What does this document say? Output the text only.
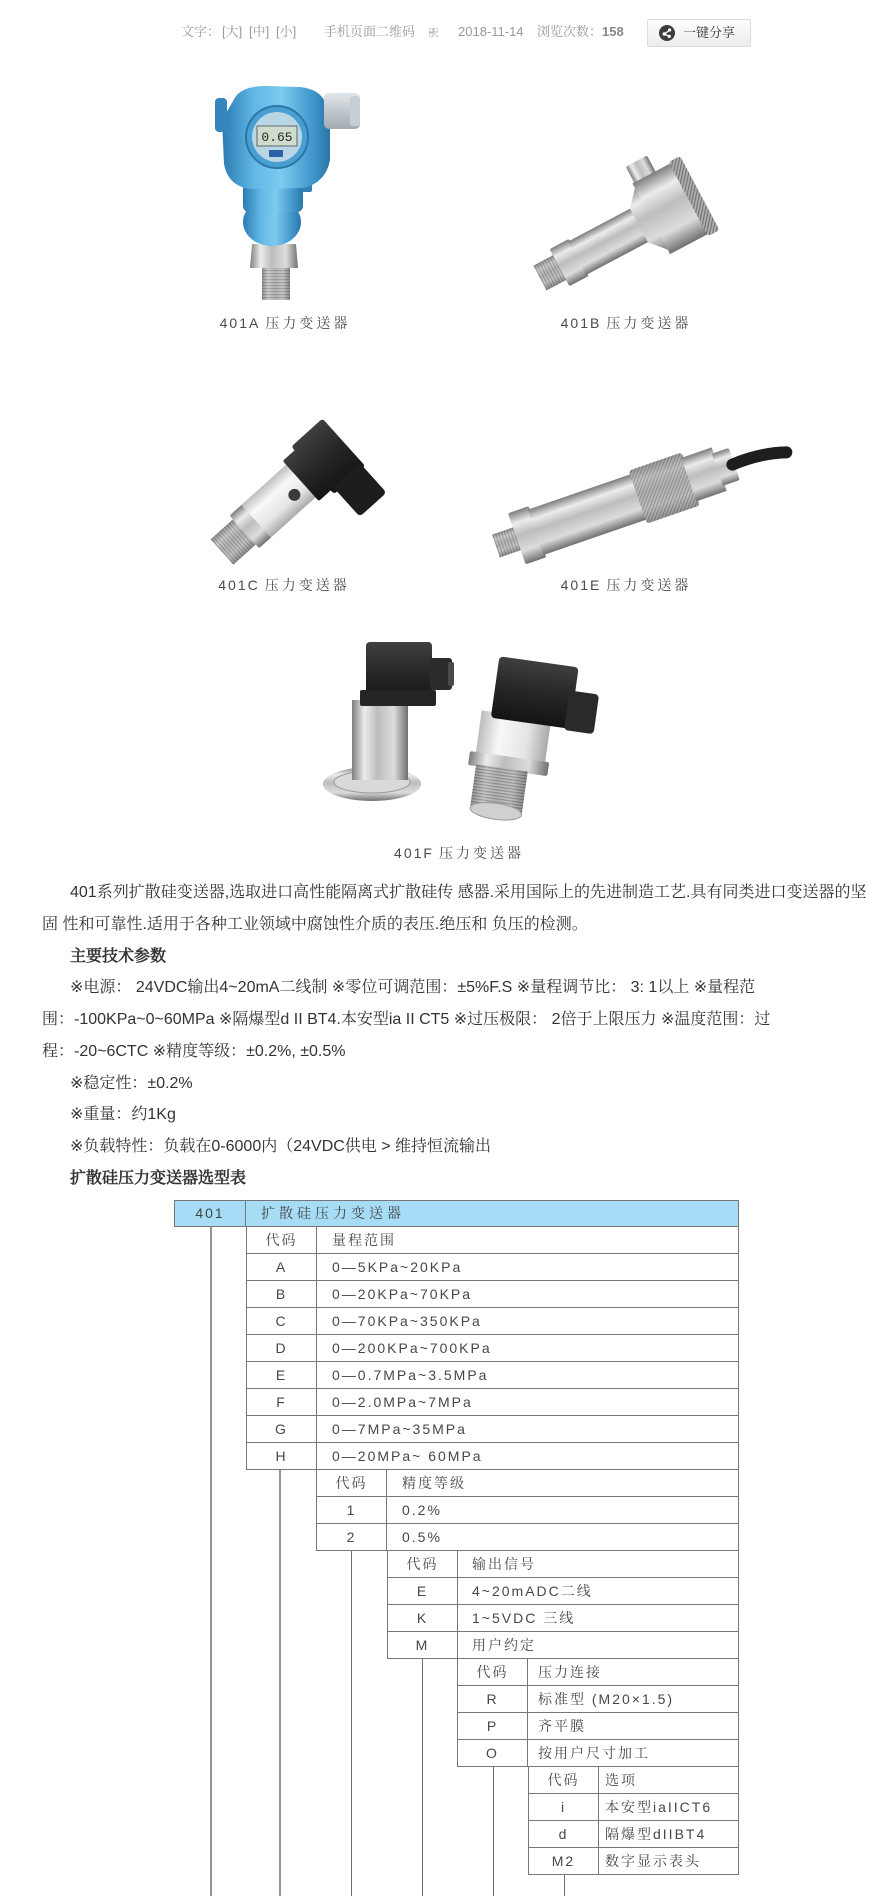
文字： [大] [中] [小] 手机页面二维码	2018-11-14 浏览次数：158	一键分享
0.65
401A 压力变送器	401B 压力变送器
401C 压力变送器	401E 压力变送器
401F 压力变送器
401系列扩散硅变送器,选取进口高性能隔离式扩散硅传 感器.采用国际上的先进制造工艺.具有同类进口变送器的坚
固 性和可靠性.适用于各种工业领域中腐蚀性介质的表压.绝压和 负压的检测。
主要技术参数
※电源： 24VDC输出4~20mA二线制 ※零位可调范围：±5%F.S ※量程调节比： 3: 1以上 ※量程范
围：-100KPa~0~60MPa ※隔爆型d II BT4.本安型ia II CT5 ※过压极限： 2倍于上限压力 ※温度范围：过
程：-20~6CTC ※精度等级：±0.2%, ±0.5%
※稳定性：±0.2%
※重量：约1Kg
※负载特性：负载在0-6000内（24VDC供电 > 维持恒流输出
扩散硅压力变送器选型表
401	扩散硅压力变送器
代码	量程范围
A	0—5KPa~20KPa
B	0—20KPa~70KPa
C	0—70KPa~350KPa
D	0—200KPa~700KPa
E	0—0.7MPa~3.5MPa
F	0—2.0MPa~7MPa
G	0—7MPa~35MPa
H	0—20MPa~ 60MPa
代码	精度等级
1	0.2%
2	0.5%
代码	输出信号
E	4~20mADC二线
K	1~5VDC 三线
M	用户约定
代码	压力连接
R	标准型 (M20×1.5)
P	齐平膜
O	按用户尺寸加工
代码	选项
i	本安型iaIICT6
d	隔爆型dIIBT4
M2	数字显示表头
